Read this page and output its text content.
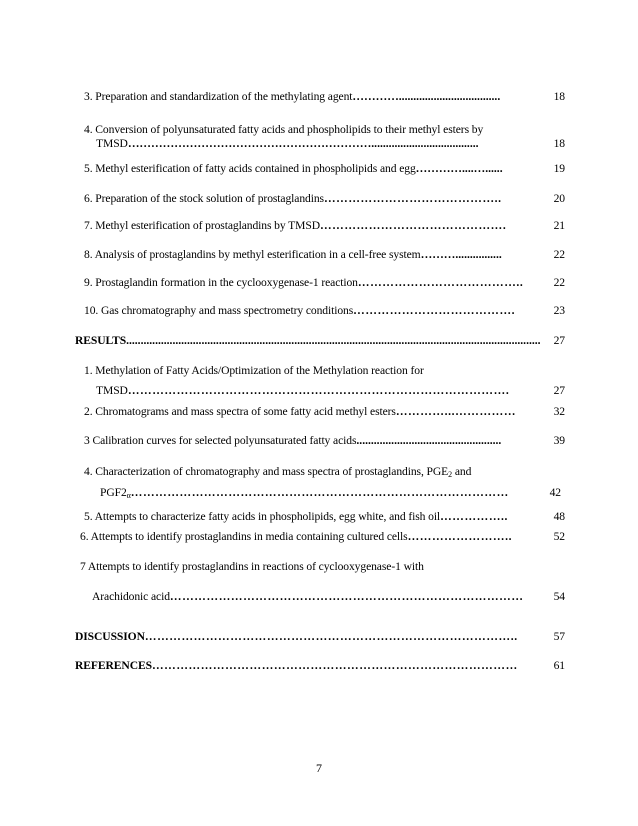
3. Preparation and standardization of the methylating agent …………...................................	18
4. Conversion of polyunsaturated fatty acids and phospholipids to their methyl esters by
TMSD ……………………………………………………….....................................	18
5. Methyl esterification of fatty acids contained in phospholipids and egg …………....…......	19
6. Preparation of the stock solution of prostaglandins ……………………………………..	20
7. Methyl esterification of prostaglandins by TMSD ……………………………………….	21
8. Analysis of prostaglandins by methyl esterification in a cell-free system ………................	22
9. Prostaglandin formation in the cyclooxygenase-1 reaction …………………………………..	22
10. Gas chromatography and mass spectrometry conditions ………………………………….	23
RESULTS ...............................................................................................................................................	27
1. Methylation of Fatty Acids/Optimization of the Methylation reaction for
TMSD ………………………………………………………………………………….	27
2. Chromatograms and mass spectra of some fatty acid methyl esters …………...……………	32
3 Calibration curves for selected polyunsaturated fatty acids ..................................................	39
4. Characterization of chromatography and mass spectra of prostaglandins, $PGE_2$ and
$PGF2_\alpha$ …………………………………………………………………………………	42
5. Attempts to characterize fatty acids in phospholipids, egg white, and fish oil ……………..	48
6. Attempts to identify prostaglandins in media containing cultured cells ……………………..	52
7 Attempts to identify prostaglandins in reactions of cyclooxygenase-1 with
Arachidonic acid ……………………………………………………………………………	54
DISCUSSION ………………………………………………………………………………..	57
REFERENCES ………………………………………………………………………………	61
7
